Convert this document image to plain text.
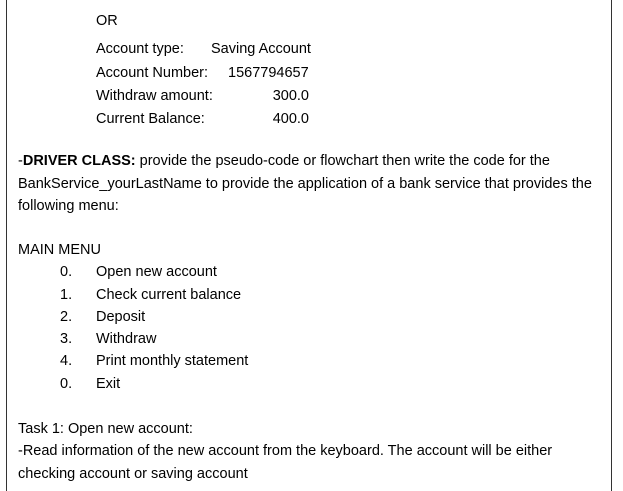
OR
Account type: Saving Account
Account Number: 1567794657
Withdraw amount:	300.0
Current Balance:	400.0
-DRIVER CLASS: provide the pseudo-code or flowchart then write the code for the BankService_yourLastName to provide the application of a bank service that provides the following menu:
MAIN MENU
0. Open new account
1. Check current balance
2. Deposit
3. Withdraw
4. Print monthly statement
0. Exit
Task 1: Open new account:
-Read information of the new account from the keyboard. The account will be either checking account or saving account
